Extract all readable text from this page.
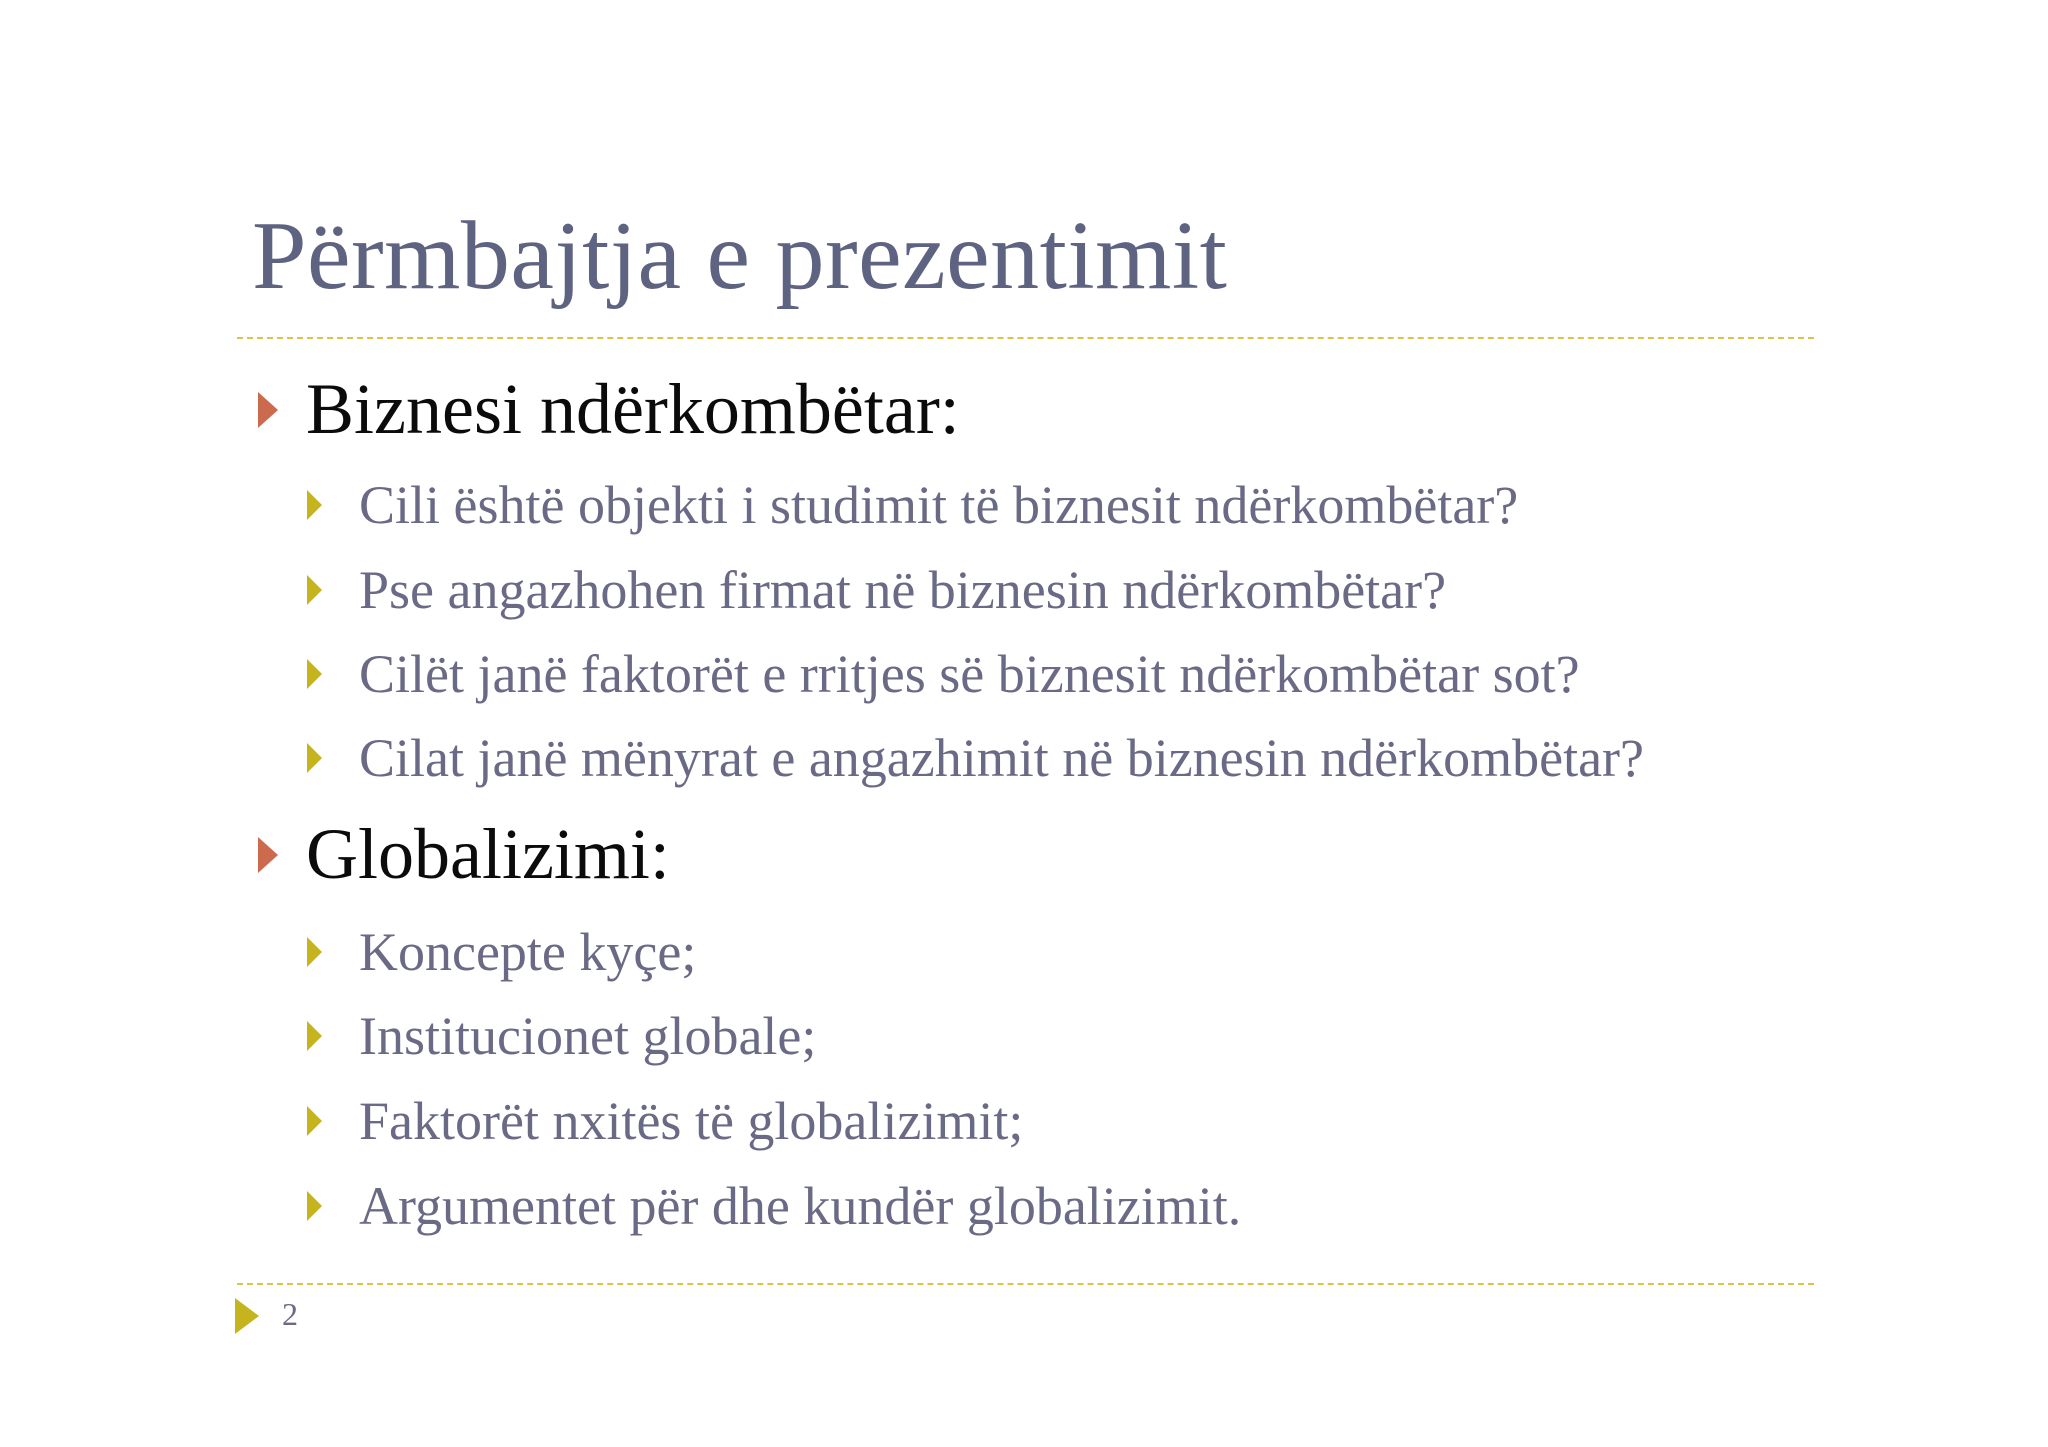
Përmbajtja e prezentimit
Biznesi ndërkombëtar:
Cili është objekti i studimit të biznesit ndërkombëtar?
Pse angazhohen firmat në biznesin ndërkombëtar?
Cilët janë faktorët e rritjes së biznesit ndërkombëtar sot?
Cilat janë mënyrat e angazhimit në biznesin ndërkombëtar?
Globalizimi:
Koncepte kyçe;
Institucionet globale;
Faktorët nxitës të globalizimit;
Argumentet për dhe kundër globalizimit.
2
